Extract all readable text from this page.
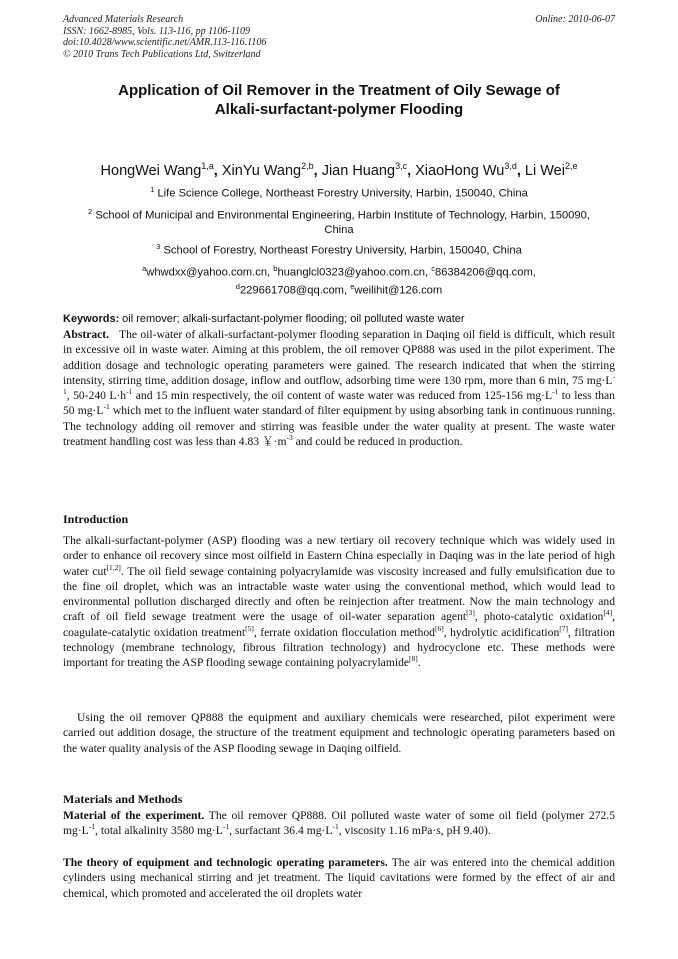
Advanced Materials Research
ISSN: 1662-8985, Vols. 113-116, pp 1106-1109
doi:10.4028/www.scientific.net/AMR.113-116.1106
© 2010 Trans Tech Publications Ltd, Switzerland
Online: 2010-06-07
Application of Oil Remover in the Treatment of Oily Sewage of
Alkali-surfactant-polymer Flooding
HongWei Wang$^{1,a}$, XinYu Wang$^{2,b}$, Jian Huang$^{3,c}$, XiaoHong Wu$^{3,d}$, Li Wei$^{2,e}$
$^1$ Life Science College, Northeast Forestry University, Harbin, 150040, China
$^2$ School of Municipal and Environmental Engineering, Harbin Institute of Technology, Harbin, 150090, China
$^3$ School of Forestry, Northeast Forestry University, Harbin, 150040, China
$^a$whwdxx@yahoo.com.cn, $^b$huanglcl0323@yahoo.com.cn, $^c$86384206@qq.com, $^d$229661708@qq.com, $^e$weilihit@126.com
Keywords: oil remover; alkali-surfactant-polymer flooding; oil polluted waste water
Abstract. The oil-water of alkali-surfactant-polymer flooding separation in Daqing oil field is difficult, which result in excessive oil in waste water. Aiming at this problem, the oil remover QP888 was used in the pilot experiment. The addition dosage and technologic operating parameters were gained. The research indicated that when the stirring intensity, stirring time, addition dosage, inflow and outflow, adsorbing time were 130 rpm, more than 6 min, 75 $mg\cdot L^{-1}$, 50-240 $L\cdot h^{-1}$ and 15 min respectively, the oil content of waste water was reduced from 125-156 $mg\cdot L^{-1}$ to less than 50 $mg\cdot L^{-1}$ which met to the influent water standard of filter equipment by using absorbing tank in continuous running. The technology adding oil remover and stirring was feasible under the water quality at present. The waste water treatment handling cost was less than 4.83 ￥$\cdot m^{-3}$ and could be reduced in production.
Introduction
The alkali-surfactant-polymer (ASP) flooding was a new tertiary oil recovery technique which was widely used in order to enhance oil recovery since most oilfield in Eastern China especially in Daqing was in the late period of high water cut[1,2]. The oil field sewage containing polyacrylamide was viscosity increased and fully emulsification due to the fine oil droplet, which was an intractable waste water using the conventional method, which would lead to environmental pollution discharged directly and often be reinjection after treatment. Now the main technology and craft of oil field sewage treatment were the usage of oil-water separation agent[3], photo-catalytic oxidation[4], coagulate-catalytic oxidation treatment[5], ferrate oxidation flocculation method[6], hydrolytic acidification[7], filtration technology (membrane technology, fibrous filtration technology) and hydrocyclone etc. These methods were important for treating the ASP flooding sewage containing polyacrylamide[8].
Using the oil remover QP888 the equipment and auxiliary chemicals were researched, pilot experiment were carried out addition dosage, the structure of the treatment equipment and technologic operating parameters based on the water quality analysis of the ASP flooding sewage in Daqing oilfield.
Materials and Methods
Material of the experiment. The oil remover QP888. Oil polluted waste water of some oil field (polymer 272.5 $mg\cdot L^{-1}$, total alkalinity 3580 $mg\cdot L^{-1}$, surfactant 36.4 $mg\cdot L^{-1}$, viscosity 1.16 mPa·s, pH 9.40).
The theory of equipment and technologic operating parameters. The air was entered into the chemical addition cylinders using mechanical stirring and jet treatment. The liquid cavitations were formed by the effect of air and chemical, which promoted and accelerated the oil droplets water
